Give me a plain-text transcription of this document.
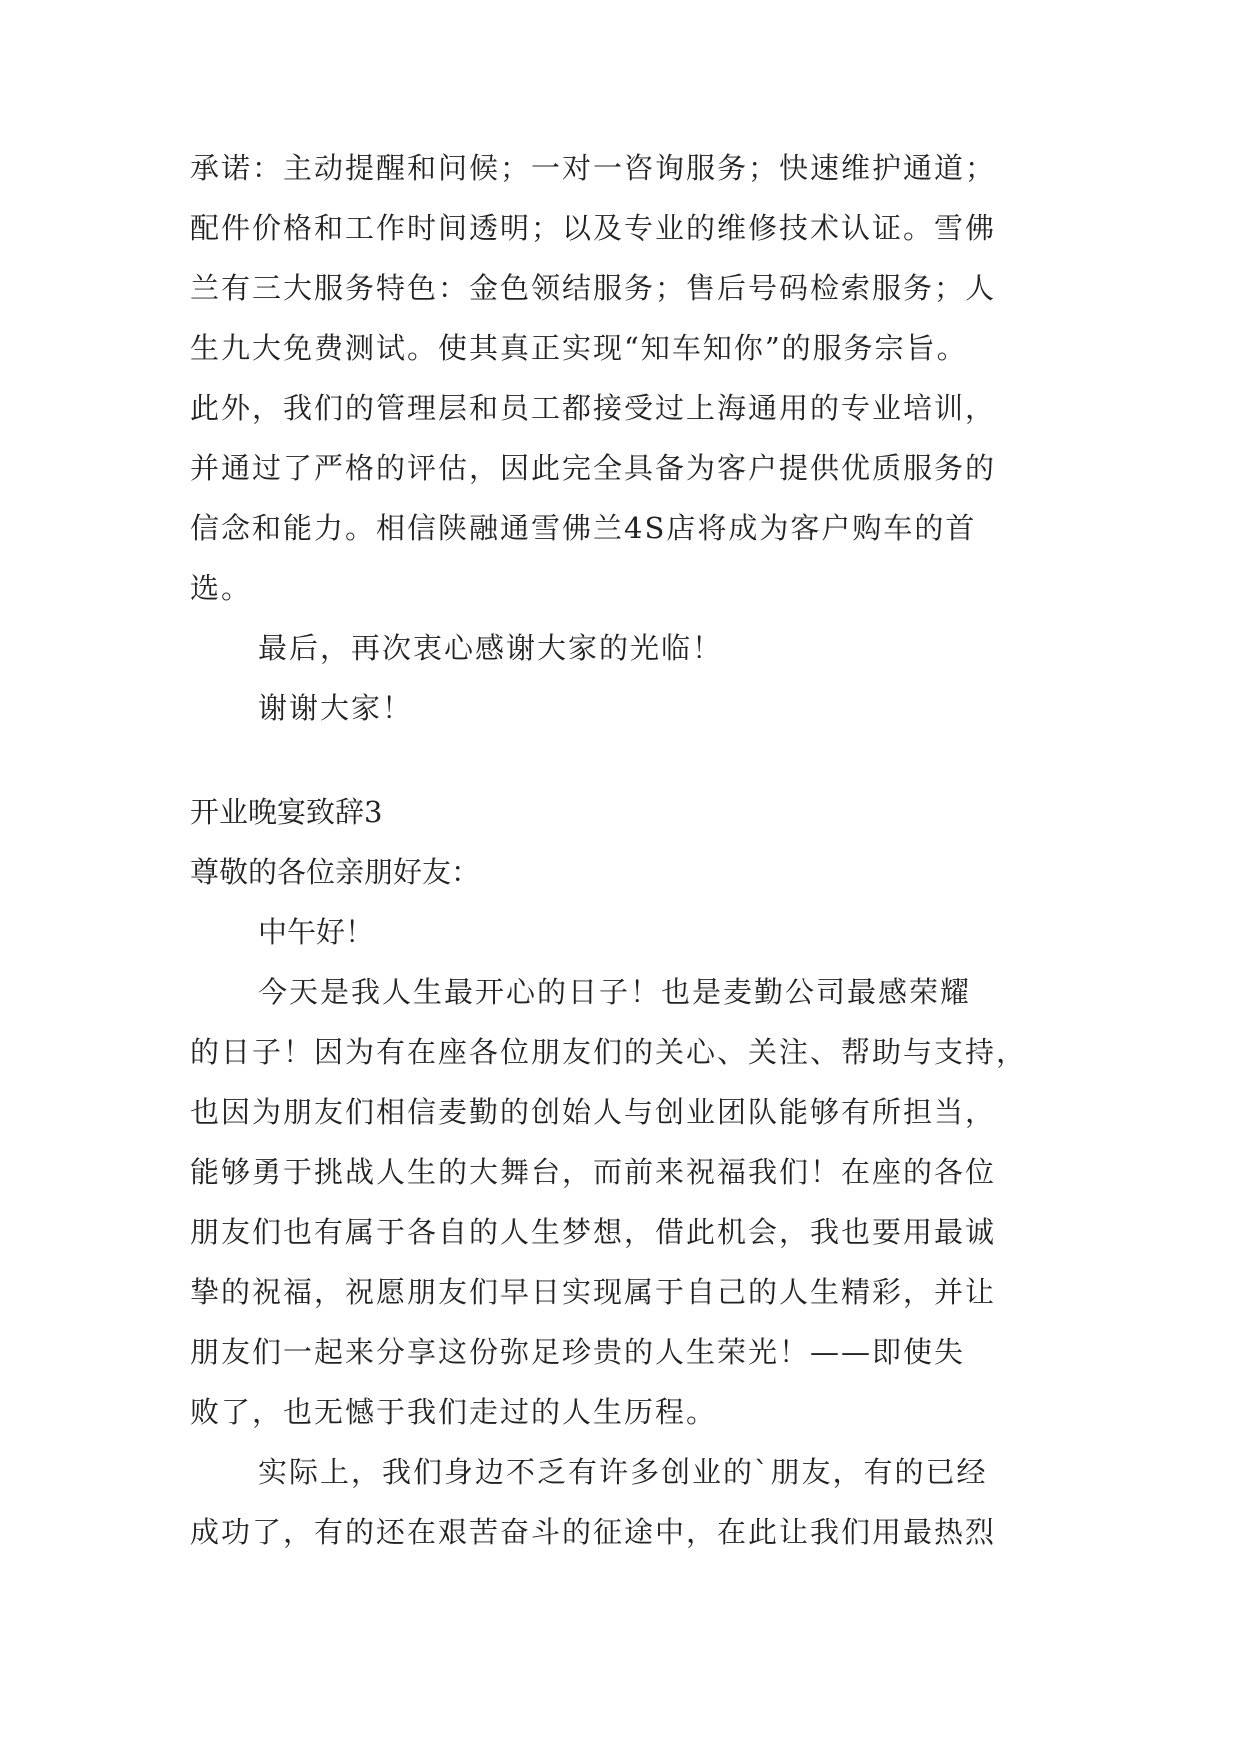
承诺：主动提醒和问候；一对一咨询服务；快速维护通道；
配件价格和工作时间透明；以及专业的维修技术认证。雪佛
兰有三大服务特色：金色领结服务；售后号码检索服务；人
生九大免费测试。使其真正实现“知车知你”的服务宗旨。
此外，我们的管理层和员工都接受过上海通用的专业培训，
并通过了严格的评估，因此完全具备为客户提供优质服务的
信念和能力。相信陕融通雪佛兰4S店将成为客户购车的首
选。
最后，再次衷心感谢大家的光临！
谢谢大家！
开业晚宴致辞3
尊敬的各位亲朋好友：
中午好！
今天是我人生最开心的日子！也是麦勤公司最感荣耀
的日子！因为有在座各位朋友们的关心、关注、帮助与支持，
也因为朋友们相信麦勤的创始人与创业团队能够有所担当，
能够勇于挑战人生的大舞台，而前来祝福我们！在座的各位
朋友们也有属于各自的人生梦想，借此机会，我也要用最诚
挚的祝福，祝愿朋友们早日实现属于自己的人生精彩，并让
朋友们一起来分享这份弥足珍贵的人生荣光！——即使失
败了，也无憾于我们走过的人生历程。
实际上，我们身边不乏有许多创业的`朋友，有的已经
成功了，有的还在艰苦奋斗的征途中，在此让我们用最热烈
